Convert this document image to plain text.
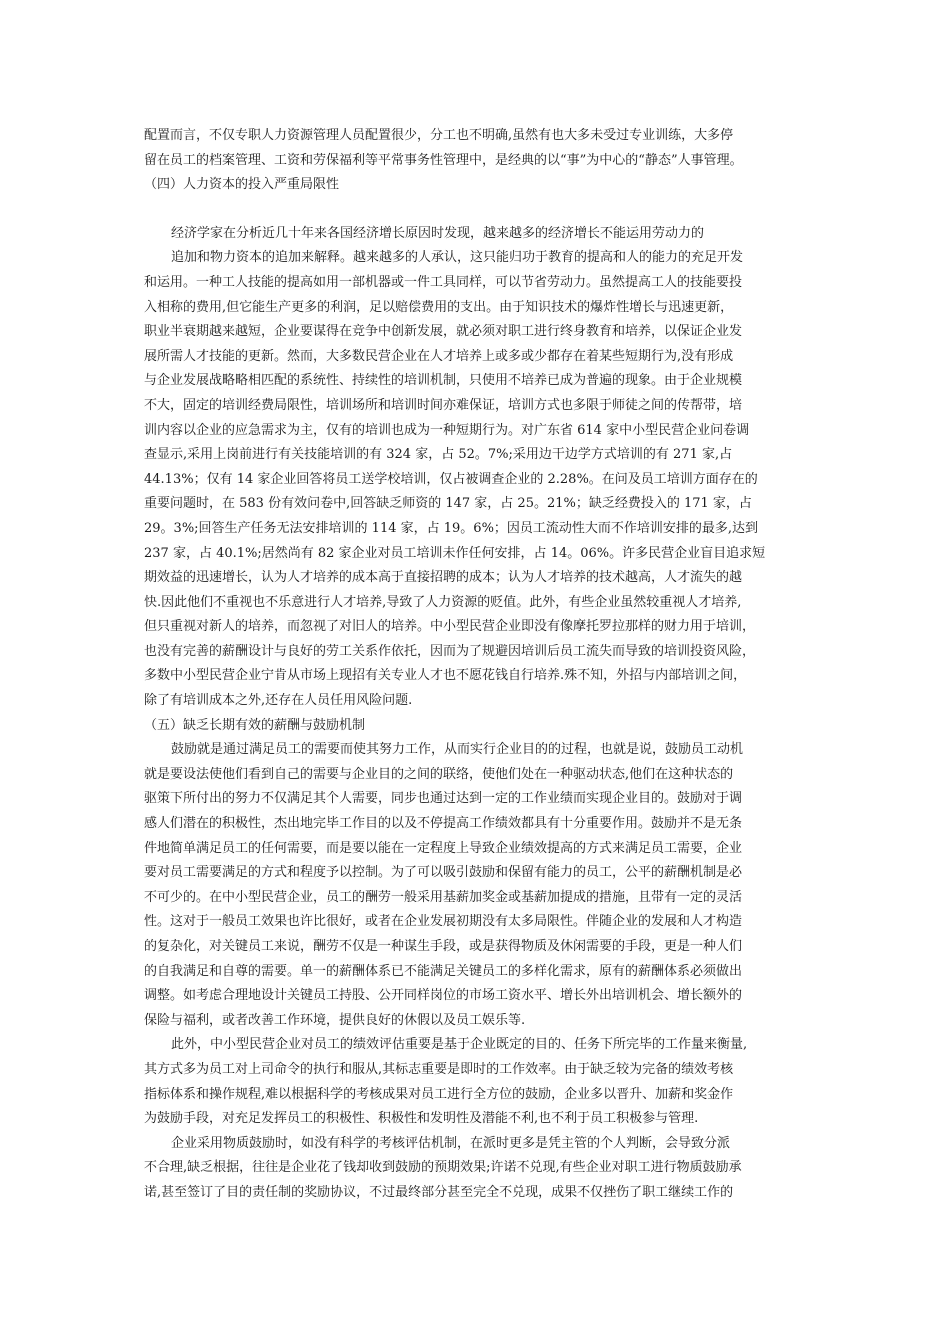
配置而言，不仅专职人力资源管理人员配置很少，分工也不明确,虽然有也大多未受过专业训练，大多停

留在员工的档案管理、工资和劳保福利等平常事务性管理中，是经典的以“事”为中心的“静态”人事管理。

（四）人力资本的投入严重局限性

经济学家在分析近几十年来各国经济增长原因时发现，越来越多的经济增长不能运用劳动力的

追加和物力资本的追加来解释。越来越多的人承认，这只能归功于教育的提高和人的能力的充足开发

和运用。一种工人技能的提高如用一部机器或一件工具同样，可以节省劳动力。虽然提高工人的技能要投

入相称的费用,但它能生产更多的利润，足以赔偿费用的支出。由于知识技术的爆炸性增长与迅速更新，

职业半衰期越来越短，企业要谋得在竞争中创新发展，就必须对职工进行终身教育和培养，以保证企业发

展所需人才技能的更新。然而，大多数民营企业在人才培养上或多或少都存在着某些短期行为,没有形成

与企业发展战略略相匹配的系统性、持续性的培训机制，只使用不培养已成为普遍的现象。由于企业规模

不大，固定的培训经费局限性，培训场所和培训时间亦难保证，培训方式也多限于师徒之间的传帮带，培

训内容以企业的应急需求为主，仅有的培训也成为一种短期行为。对广东省 614 家中小型民营企业问卷调

查显示,采用上岗前进行有关技能培训的有 324 家，占 52。7%;采用边干边学方式培训的有 271 家,占

44.13%；仅有 14 家企业回答将员工送学校培训，仅占被调查企业的 2.28%。在问及员工培训方面存在的

重要问题时，在 583 份有效问卷中,回答缺乏师资的 147 家，占 25。21%；缺乏经费投入的 171 家，占

29。3%;回答生产任务无法安排培训的 114 家，占 19。6%；因员工流动性大而不作培训安排的最多,达到

237 家，占 40.1%;居然尚有 82 家企业对员工培训未作任何安排，占 14。06%。许多民营企业盲目追求短

期效益的迅速增长，认为人才培养的成本高于直接招聘的成本；认为人才培养的技术越高，人才流失的越

快.因此他们不重视也不乐意进行人才培养,导致了人力资源的贬值。此外，有些企业虽然较重视人才培养,

但只重视对新人的培养，而忽视了对旧人的培养。中小型民营企业即没有像摩托罗拉那样的财力用于培训，

也没有完善的薪酬设计与良好的劳工关系作依托，因而为了规避因培训后员工流失而导致的培训投资风险，

多数中小型民营企业宁肯从市场上现招有关专业人才也不愿花钱自行培养.殊不知，外招与内部培训之间，

除了有培训成本之外,还存在人员任用风险问题.

（五）缺乏长期有效的薪酬与鼓励机制

鼓励就是通过满足员工的需要而使其努力工作，从而实行企业目的的过程，也就是说，鼓励员工动机

就是要设法使他们看到自己的需要与企业目的之间的联络，使他们处在一种驱动状态,他们在这种状态的

驱策下所付出的努力不仅满足其个人需要，同步也通过达到一定的工作业绩而实现企业目的。鼓励对于调

感人们潜在的积极性，杰出地完毕工作目的以及不停提高工作绩效都具有十分重要作用。鼓励并不是无条

件地简单满足员工的任何需要，而是要以能在一定程度上导致企业绩效提高的方式来满足员工需要，企业

要对员工需要满足的方式和程度予以控制。为了可以吸引鼓励和保留有能力的员工，公平的薪酬机制是必

不可少的。在中小型民营企业，员工的酬劳一般采用基薪加奖金或基薪加提成的措施，且带有一定的灵活

性。这对于一般员工效果也许比很好，或者在企业发展初期没有太多局限性。伴随企业的发展和人才构造

的复杂化，对关键员工来说，酬劳不仅是一种谋生手段，或是获得物质及休闲需要的手段，更是一种人们

的自我满足和自尊的需要。单一的薪酬体系已不能满足关键员工的多样化需求，原有的薪酬体系必须做出

调整。如考虑合理地设计关键员工持股、公开同样岗位的市场工资水平、增长外出培训机会、增长额外的

保险与福利，或者改善工作环境，提供良好的休假以及员工娱乐等.

此外，中小型民营企业对员工的绩效评估重要是基于企业既定的目的、任务下所完毕的工作量来衡量,

其方式多为员工对上司命令的执行和服从,其标志重要是即时的工作效率。由于缺乏较为完备的绩效考核

指标体系和操作规程,难以根据科学的考核成果对员工进行全方位的鼓励，企业多以晋升、加薪和奖金作

为鼓励手段，对充足发挥员工的积极性、积极性和发明性及潜能不利,也不利于员工积极参与管理.

企业采用物质鼓励时，如没有科学的考核评估机制，在派时更多是凭主管的个人判断，会导致分派

不合理,缺乏根据，往往是企业花了钱却收到鼓励的预期效果;许诺不兑现,有些企业对职工进行物质鼓励承

诺,甚至签订了目的责任制的奖励协议，不过最终部分甚至完全不兑现，成果不仅挫伤了职工继续工作的
